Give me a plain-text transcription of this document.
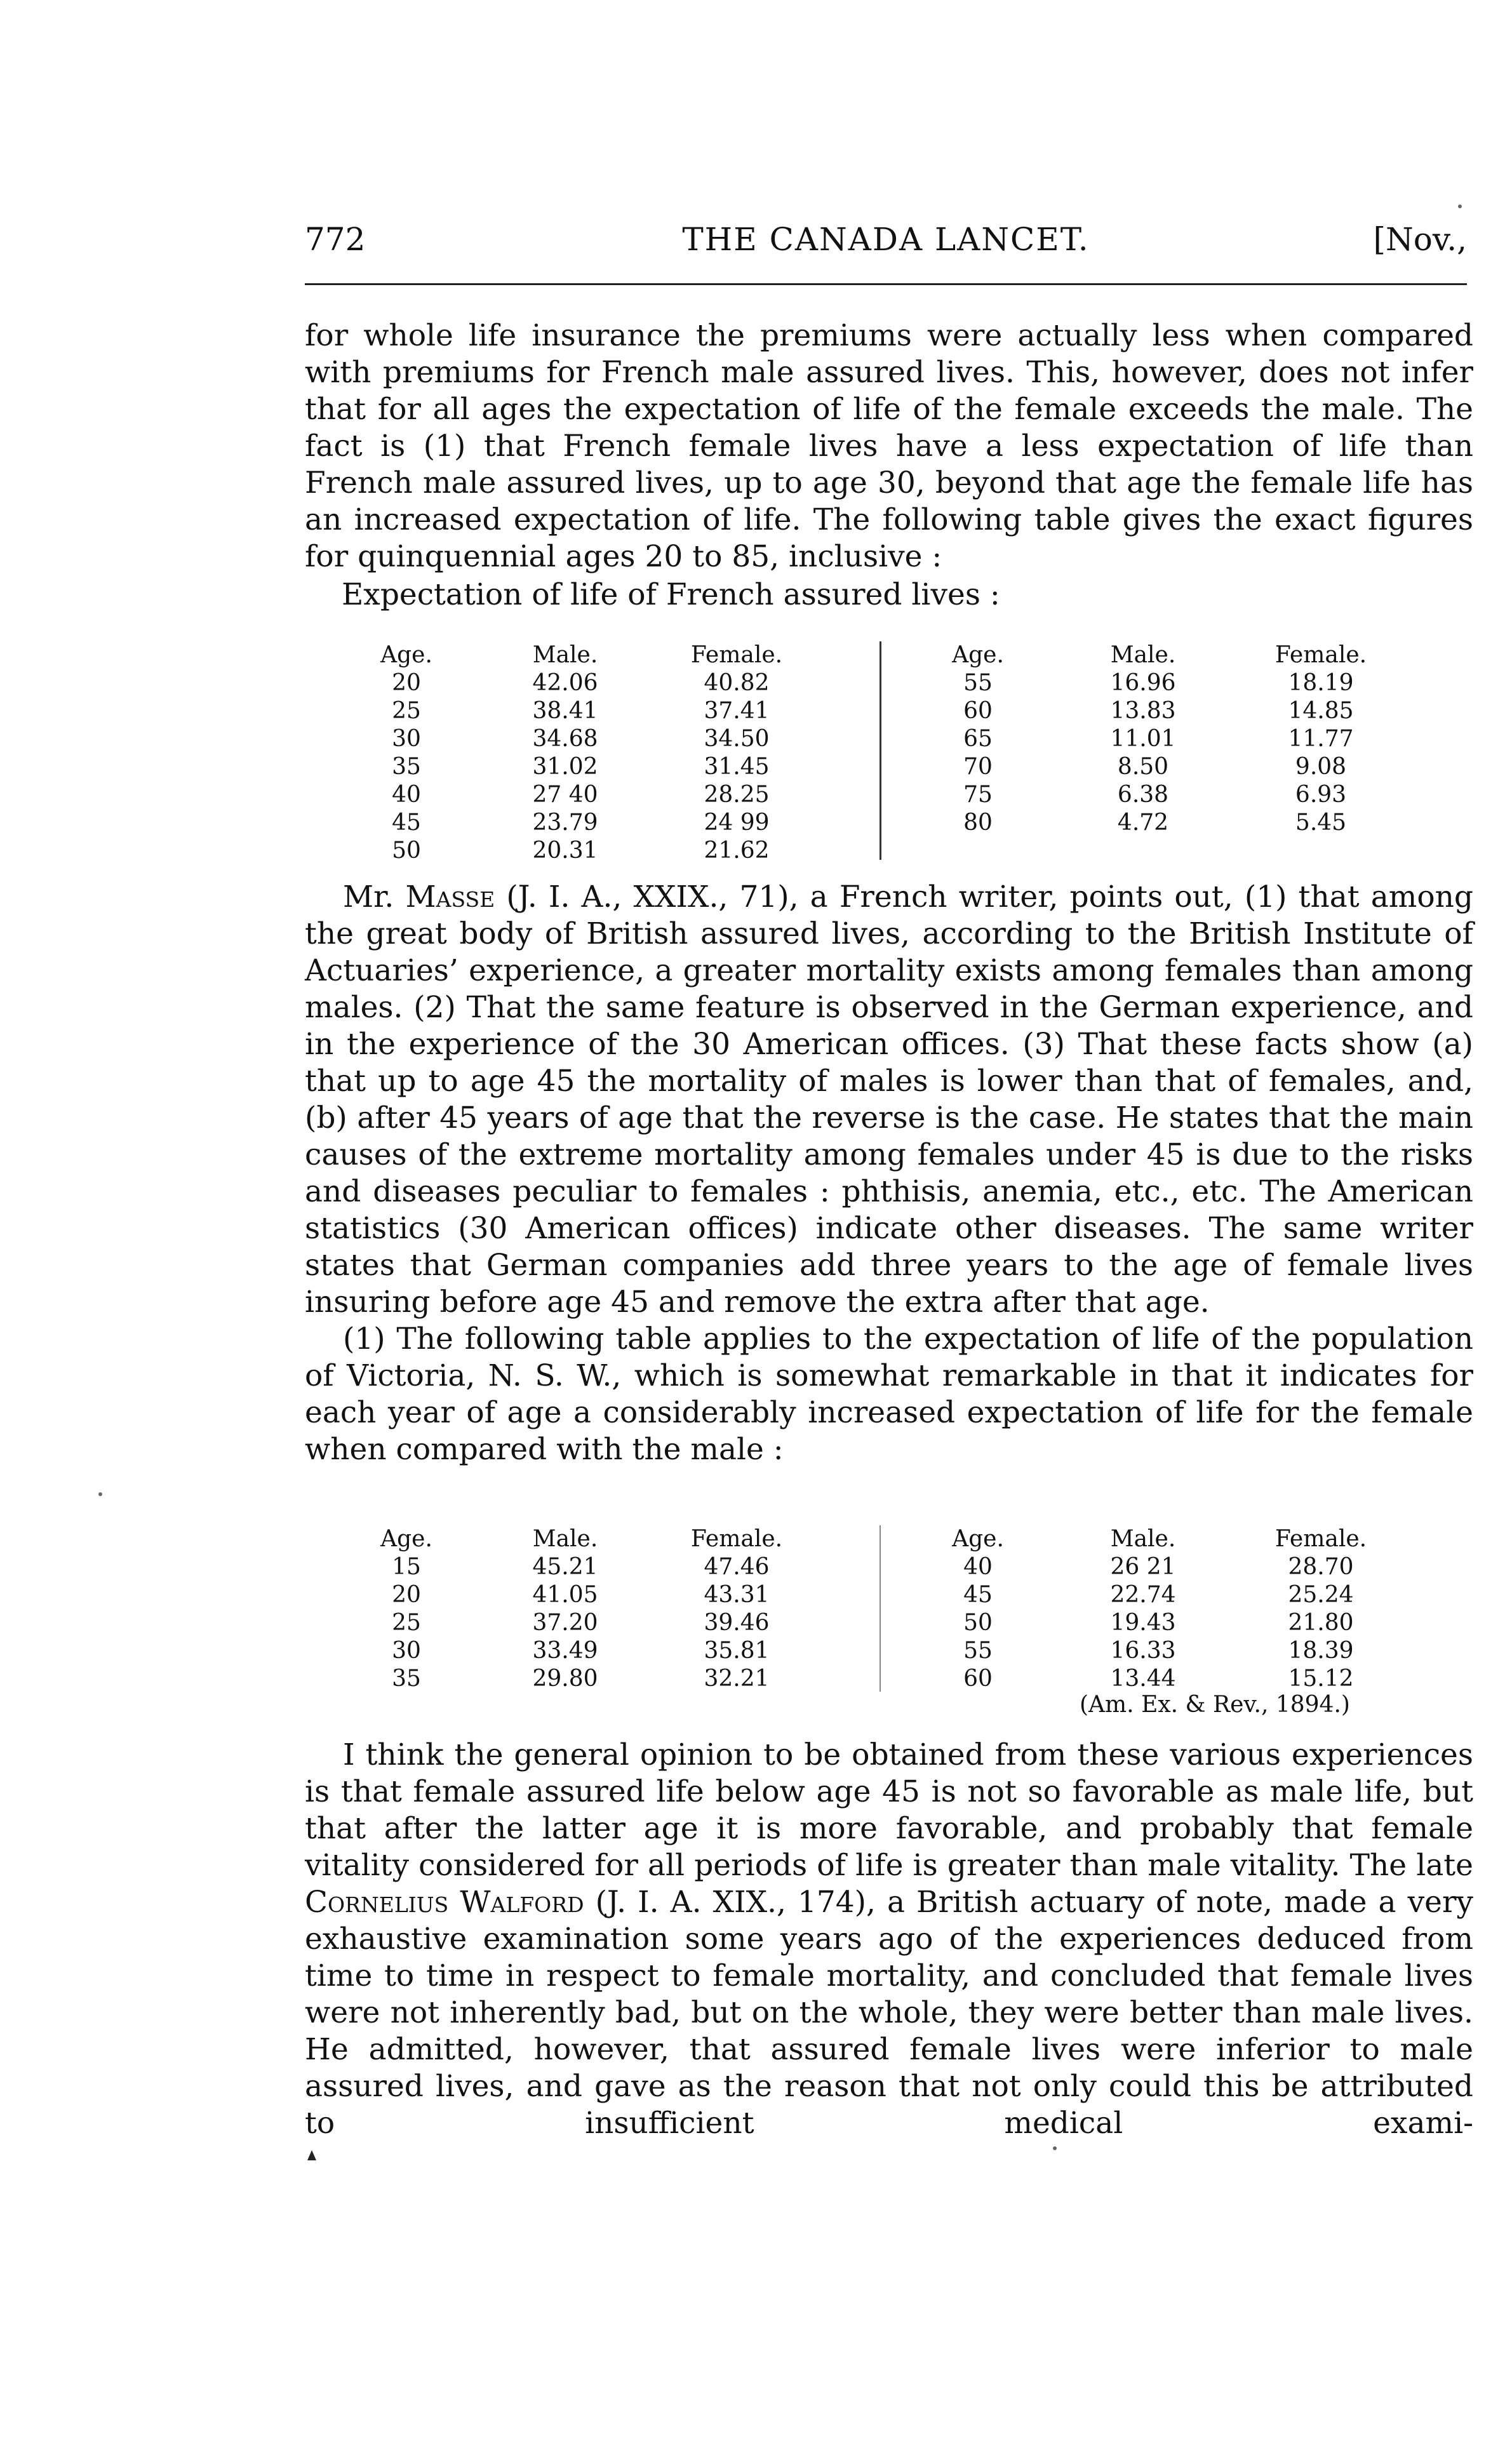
772	THE CANADA LANCET.	[Nov.,

for whole life insurance the premiums were actually less when compared with premiums for French male assured lives. This, however, does not infer that for all ages the expectation of life of the female exceeds the male. The fact is (1) that French female lives have a less expectation of life than French male assured lives, up to age 30, beyond that age the female life has an increased expectation of life. The following table gives the exact figures for quinquennial ages 20 to 85, inclusive :

Expectation of life of French assured lives :
Age.
20
25
30
35
40
45
50
Male.
42.06
38.41
34.68
31.02
27 40
23.79
20.31
Female.
40.82
37.41
34.50
31.45
28.25
24 99
21.62
Age.
55
60
65
70
75
80
Male.
16.96
13.83
11.01
8.50
6.38
4.72
Female.
18.19
14.85
11.77
9.08
6.93
5.45

Mr. Masse (J. I. A., XXIX., 71), a French writer, points out, (1) that among the great body of British assured lives, according to the British Institute of Actuaries’ experience, a greater mortality exists among females than among males. (2) That the same feature is observed in the German experience, and in the experience of the 30 American offices. (3) That these facts show (a) that up to age 45 the mortality of males is lower than that of females, and, (b) after 45 years of age that the reverse is the case. He states that the main causes of the extreme mortality among females under 45 is due to the risks and diseases peculiar to females : phthisis, anemia, etc., etc. The American statistics (30 American offices) indicate other diseases. The same writer states that German companies add three years to the age of female lives insuring before age 45 and remove the extra after that age.

(1) The following table applies to the expectation of life of the population of Victoria, N. S. W., which is somewhat remarkable in that it indicates for each year of age a considerably increased expectation of life for the female when compared with the male :

Age.
15
20
25
30
35
Male.
45.21
41.05
37.20
33.49
29.80
Female.
47.46
43.31
39.46
35.81
32.21
Age.
40
45
50
55
60
Male.
26 21
22.74
19.43
16.33
13.44
Female.
28.70
25.24
21.80
18.39
15.12
(Am. Ex. & Rev., 1894.)

I think the general opinion to be obtained from these various experiences is that female assured life below age 45 is not so favorable as male life, but that after the latter age it is more favorable, and probably that female vitality considered for all periods of life is greater than male vitality. The late Cornelius Walford (J. I. A. XIX., 174), a British actuary of note, made a very exhaustive examination some years ago of the experiences deduced from time to time in respect to female mortality, and concluded that female lives were not inherently bad, but on the whole, they were better than male lives. He admitted, however, that assured female lives were inferior to male assured lives, and gave as the reason that not only could this be attributed to insufficient medical exami-
